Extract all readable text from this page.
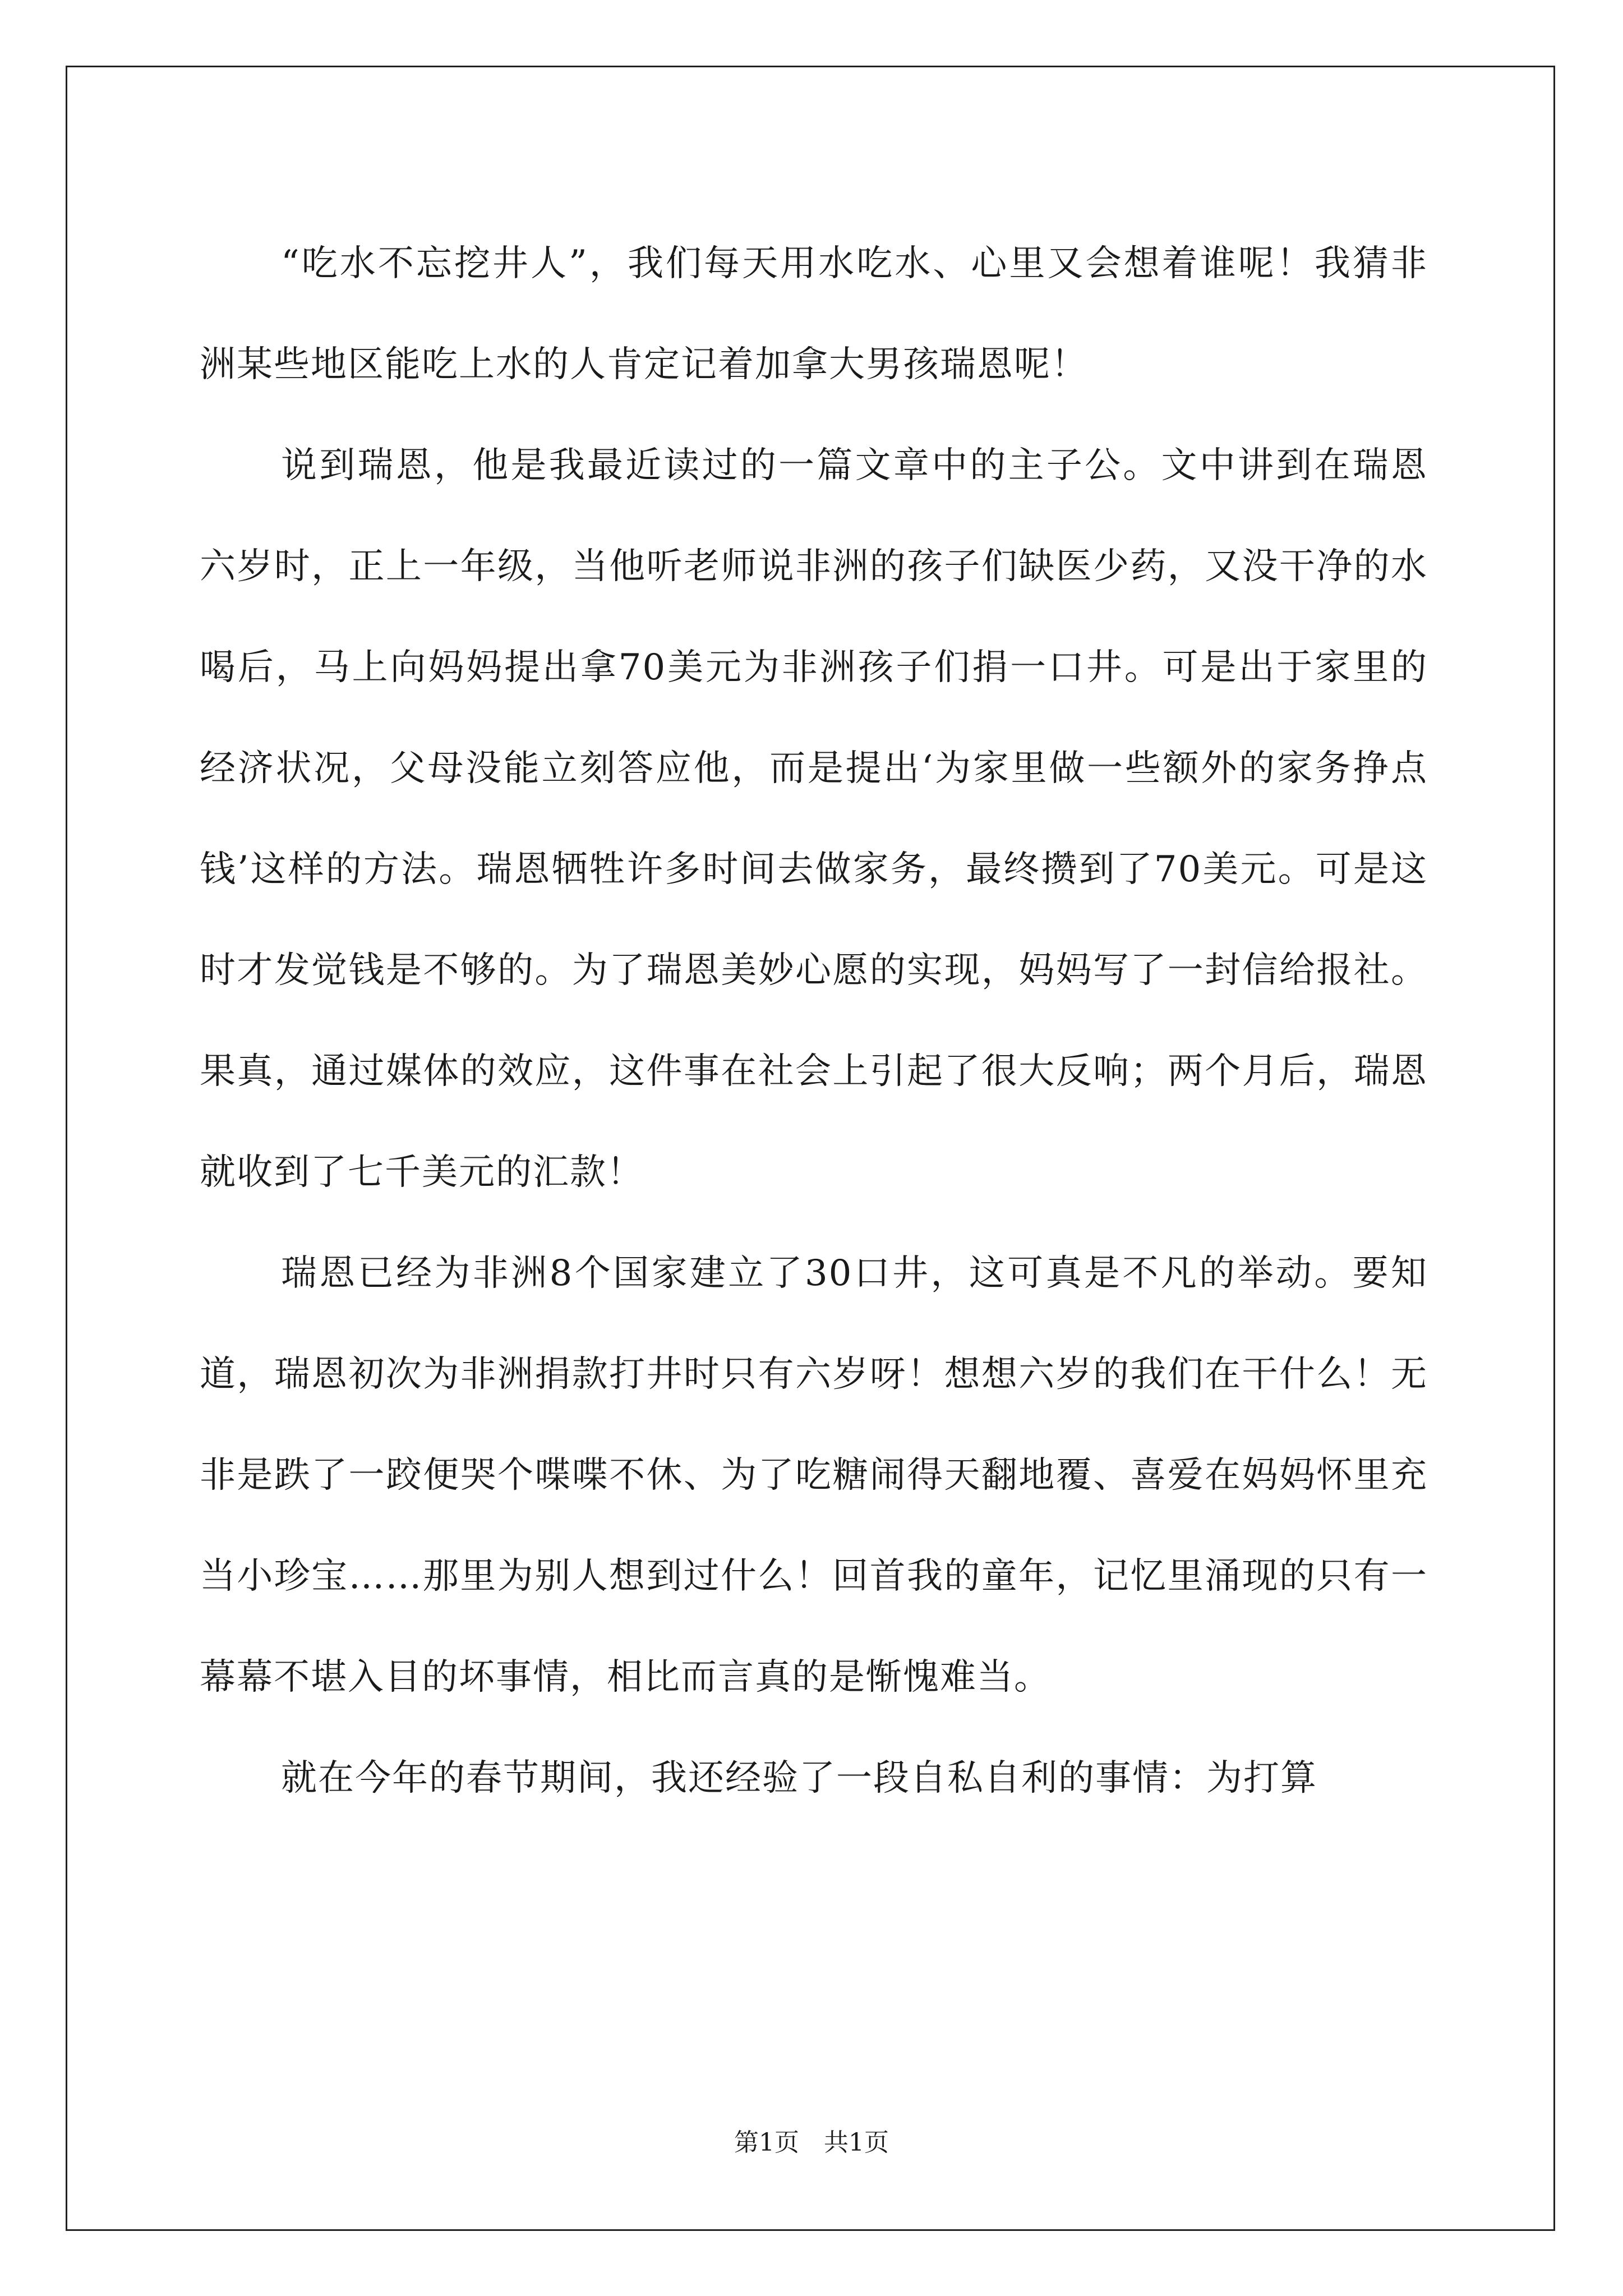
“吃水不忘挖井人”，我们每天用水吃水、心里又会想着谁呢！我猜非洲某些地区能吃上水的人肯定记着加拿大男孩瑞恩呢！

说到瑞恩，他是我最近读过的一篇文章中的主子公。文中讲到在瑞恩六岁时，正上一年级，当他听老师说非洲的孩子们缺医少药，又没干净的水喝后，马上向妈妈提出拿70美元为非洲孩子们捐一口井。可是出于家里的经济状况，父母没能立刻答应他，而是提出‘为家里做一些额外的家务挣点钱’这样的方法。瑞恩牺牲许多时间去做家务，最终攒到了70美元。可是这时才发觉钱是不够的。为了瑞恩美妙心愿的实现，妈妈写了一封信给报社。果真，通过媒体的效应，这件事在社会上引起了很大反响；两个月后，瑞恩就收到了七千美元的汇款！

瑞恩已经为非洲8个国家建立了30口井，这可真是不凡的举动。要知道，瑞恩初次为非洲捐款打井时只有六岁呀！想想六岁的我们在干什么！无非是跌了一跤便哭个喋喋不休、为了吃糖闹得天翻地覆、喜爱在妈妈怀里充当小珍宝……那里为别人想到过什么！回首我的童年，记忆里涌现的只有一幕幕不堪入目的坏事情，相比而言真的是惭愧难当。

就在今年的春节期间，我还经验了一段自私自利的事情：为打算

第1页　共1页
